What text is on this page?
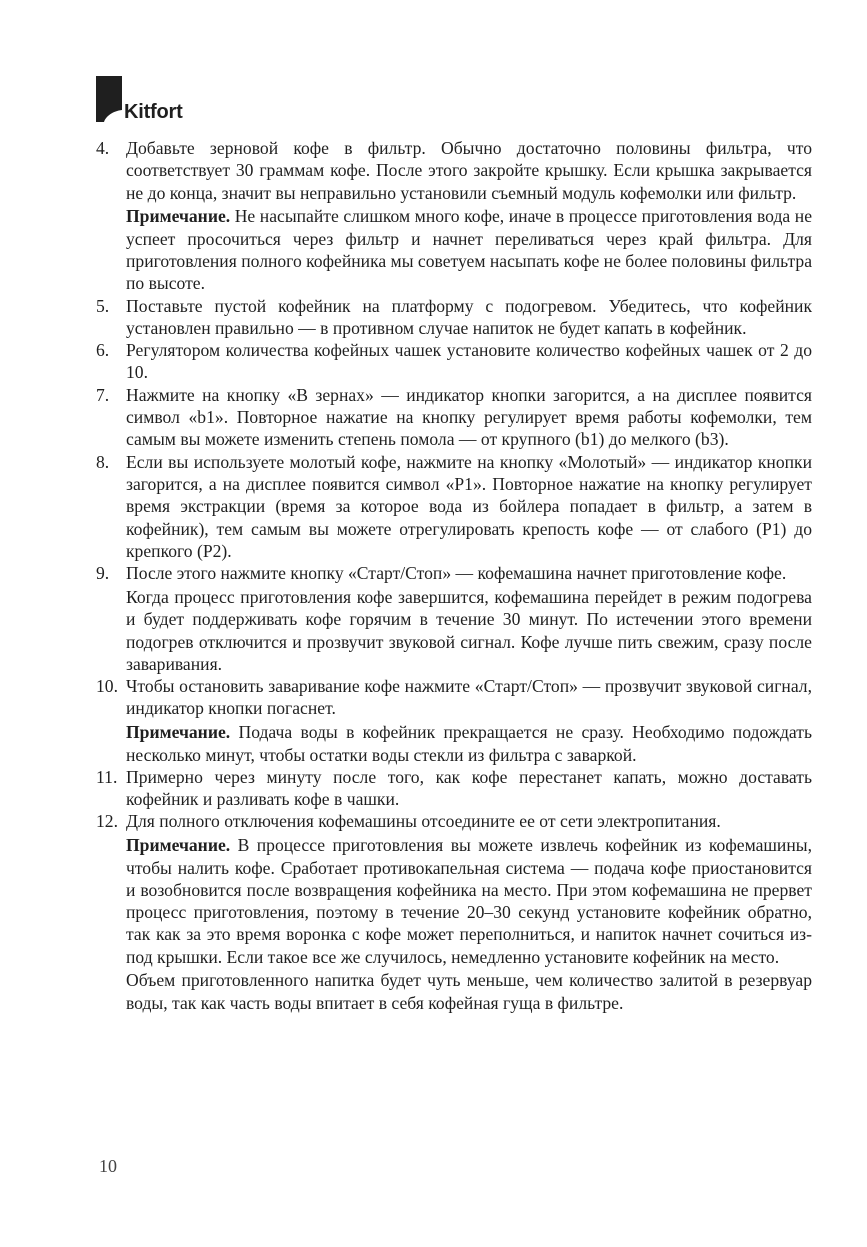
Kitfort
4. Добавьте зерновой кофе в фильтр. Обычно достаточно половины фильтра, что соответствует 30 граммам кофе. После этого закройте крышку. Если крышка закрывается не до конца, значит вы неправильно установили съемный модуль кофемолки или фильтр.

Примечание. Не насыпайте слишком много кофе, иначе в процессе приготовления вода не успеет просочиться через фильтр и начнет переливаться через край фильтра. Для приготовления полного кофейника мы советуем насыпать кофе не более половины фильтра по высоте.

5. Поставьте пустой кофейник на платформу с подогревом. Убедитесь, что кофейник установлен правильно — в противном случае напиток не будет капать в кофейник.

6. Регулятором количества кофейных чашек установите количество кофейных чашек от 2 до 10.

7. Нажмите на кнопку «В зернах» — индикатор кнопки загорится, а на дисплее появится символ «b1». Повторное нажатие на кнопку регулирует время работы кофемолки, тем самым вы можете изменить степень помола — от крупного (b1) до мелкого (b3).

8. Если вы используете молотый кофе, нажмите на кнопку «Молотый» — индикатор кнопки загорится, а на дисплее появится символ «P1». Повторное нажатие на кнопку регулирует время экстракции (время за которое вода из бойлера попадает в фильтр, а затем в кофейник), тем самым вы можете отрегулировать крепость кофе — от слабого (P1) до крепкого (P2).

9. После этого нажмите кнопку «Старт/Стоп» — кофемашина начнет приготовление кофе.

Когда процесс приготовления кофе завершится, кофемашина перейдет в режим подогрева и будет поддерживать кофе горячим в течение 30 минут. По истечении этого времени подогрев отключится и прозвучит звуковой сигнал. Кофе лучше пить свежим, сразу после заваривания.

10. Чтобы остановить заваривание кофе нажмите «Старт/Стоп» — прозвучит звуковой сигнал, индикатор кнопки погаснет.

Примечание. Подача воды в кофейник прекращается не сразу. Необходимо подождать несколько минут, чтобы остатки воды стекли из фильтра с заваркой.

11. Примерно через минуту после того, как кофе перестанет капать, можно доставать кофейник и разливать кофе в чашки.

12. Для полного отключения кофемашины отсоедините ее от сети электропитания.

Примечание. В процессе приготовления вы можете извлечь кофейник из кофемашины, чтобы налить кофе. Сработает противокапельная система — подача кофе приостановится и возобновится после возвращения кофейника на место. При этом кофемашина не прервет процесс приготовления, поэтому в течение 20–30 секунд установите кофейник обратно, так как за это время воронка с кофе может переполниться, и напиток начнет сочиться из-под крышки. Если такое все же случилось, немедленно установите кофейник на место.

Объем приготовленного напитка будет чуть меньше, чем количество залитой в резервуар воды, так как часть воды впитает в себя кофейная гуща в фильтре.

10
